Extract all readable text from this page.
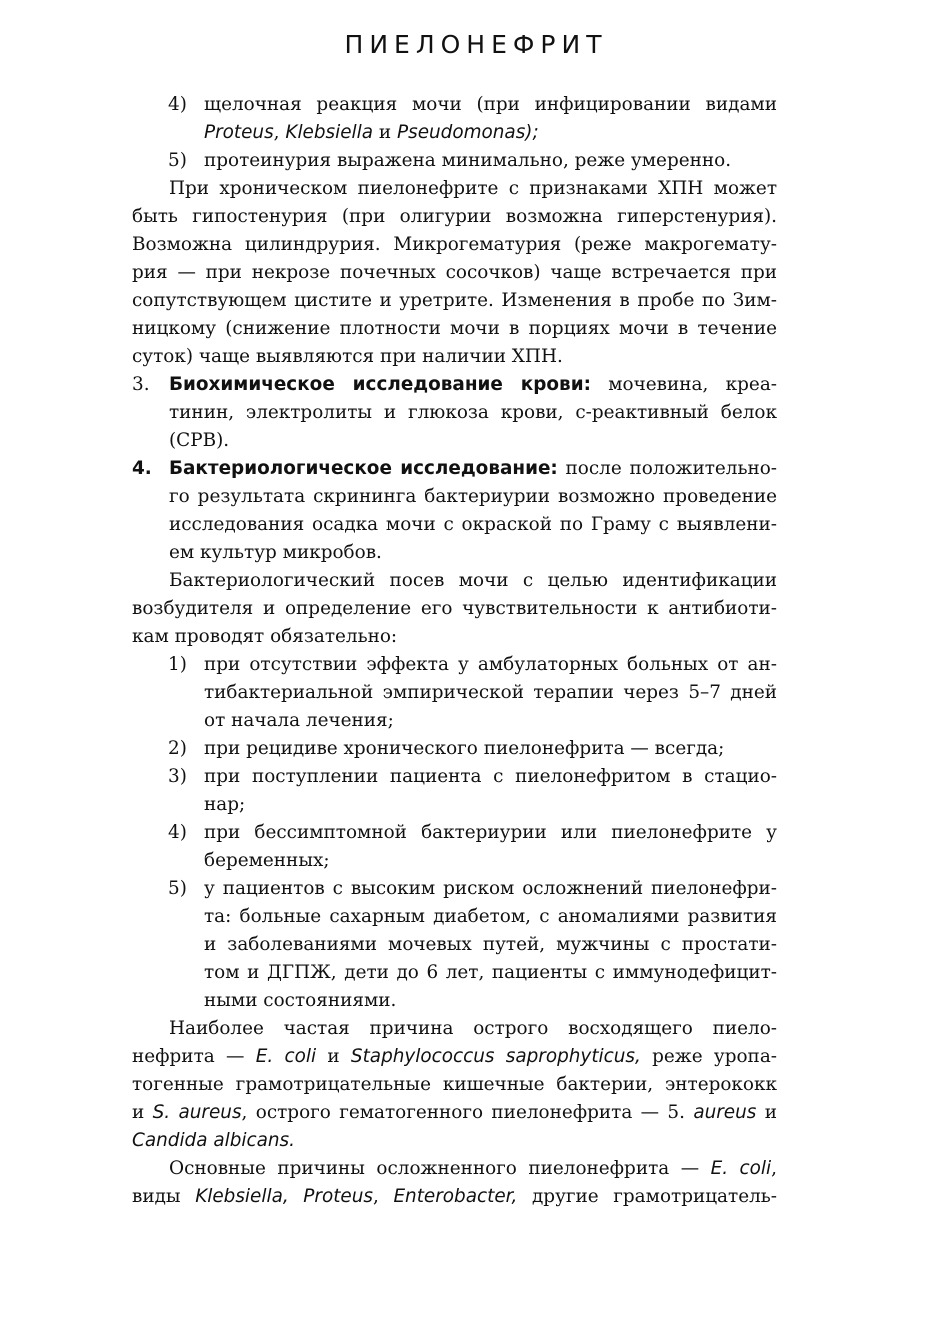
ПИЕЛОНЕФРИТ
4) щелочная реакция мочи (при инфицировании видами
Proteus, Klebsiella и Pseudomonas);
5) протеинурия выражена минимально, реже умеренно.

При хроническом пиелонефрите с признаками ХПН может
быть гипостенурия (при олигурии возможна гиперстенурия).
Возможна цилиндрурия. Микрогематурия (реже макрогемату-
рия — при некрозе почечных сосочков) чаще встречается при
сопутствующем цистите и уретрите. Изменения в пробе по Зим-
ницкому (снижение плотности мочи в порциях мочи в течение
суток) чаще выявляются при наличии ХПН.

3. Биохимическое исследование крови: мочевина, креа-
тинин, электролиты и глюкоза крови, с-реактивный белок
(СРВ).
4. Бактериологическое исследование: после положительно-
го результата скрининга бактериурии возможно проведение
исследования осадка мочи с окраской по Граму с выявлени-
ем культур микробов.

Бактериологический посев мочи с целью идентификации
возбудителя и определение его чувствительности к антибиоти-
кам проводят обязательно:

1) при отсутствии эффекта у амбулаторных больных от ан-
тибактериальной эмпирической терапии через 5–7 дней
от начала лечения;
2) при рецидиве хронического пиелонефрита — всегда;
3) при поступлении пациента с пиелонефритом в стацио-
нар;
4) при бессимптомной бактериурии или пиелонефрите у
беременных;
5) у пациентов с высоким риском осложнений пиелонефри-
та: больные сахарным диабетом, с аномалиями развития
и заболеваниями мочевых путей, мужчины с простати-
том и ДГПЖ, дети до 6 лет, пациенты с иммунодефицит-
ными состояниями.

Наиболее частая причина острого восходящего пиело-
нефрита — E. coli и Staphylococcus saprophyticus, реже уропа-
тогенные грамотрицательные кишечные бактерии, энтерококк
и S. aureus, острого гематогенного пиелонефрита — 5. aureus и
Candida albicans.

Основные причины осложненного пиелонефрита — E. coli,
виды Klebsiella, Proteus, Enterobacter, другие грамотрицатель-
